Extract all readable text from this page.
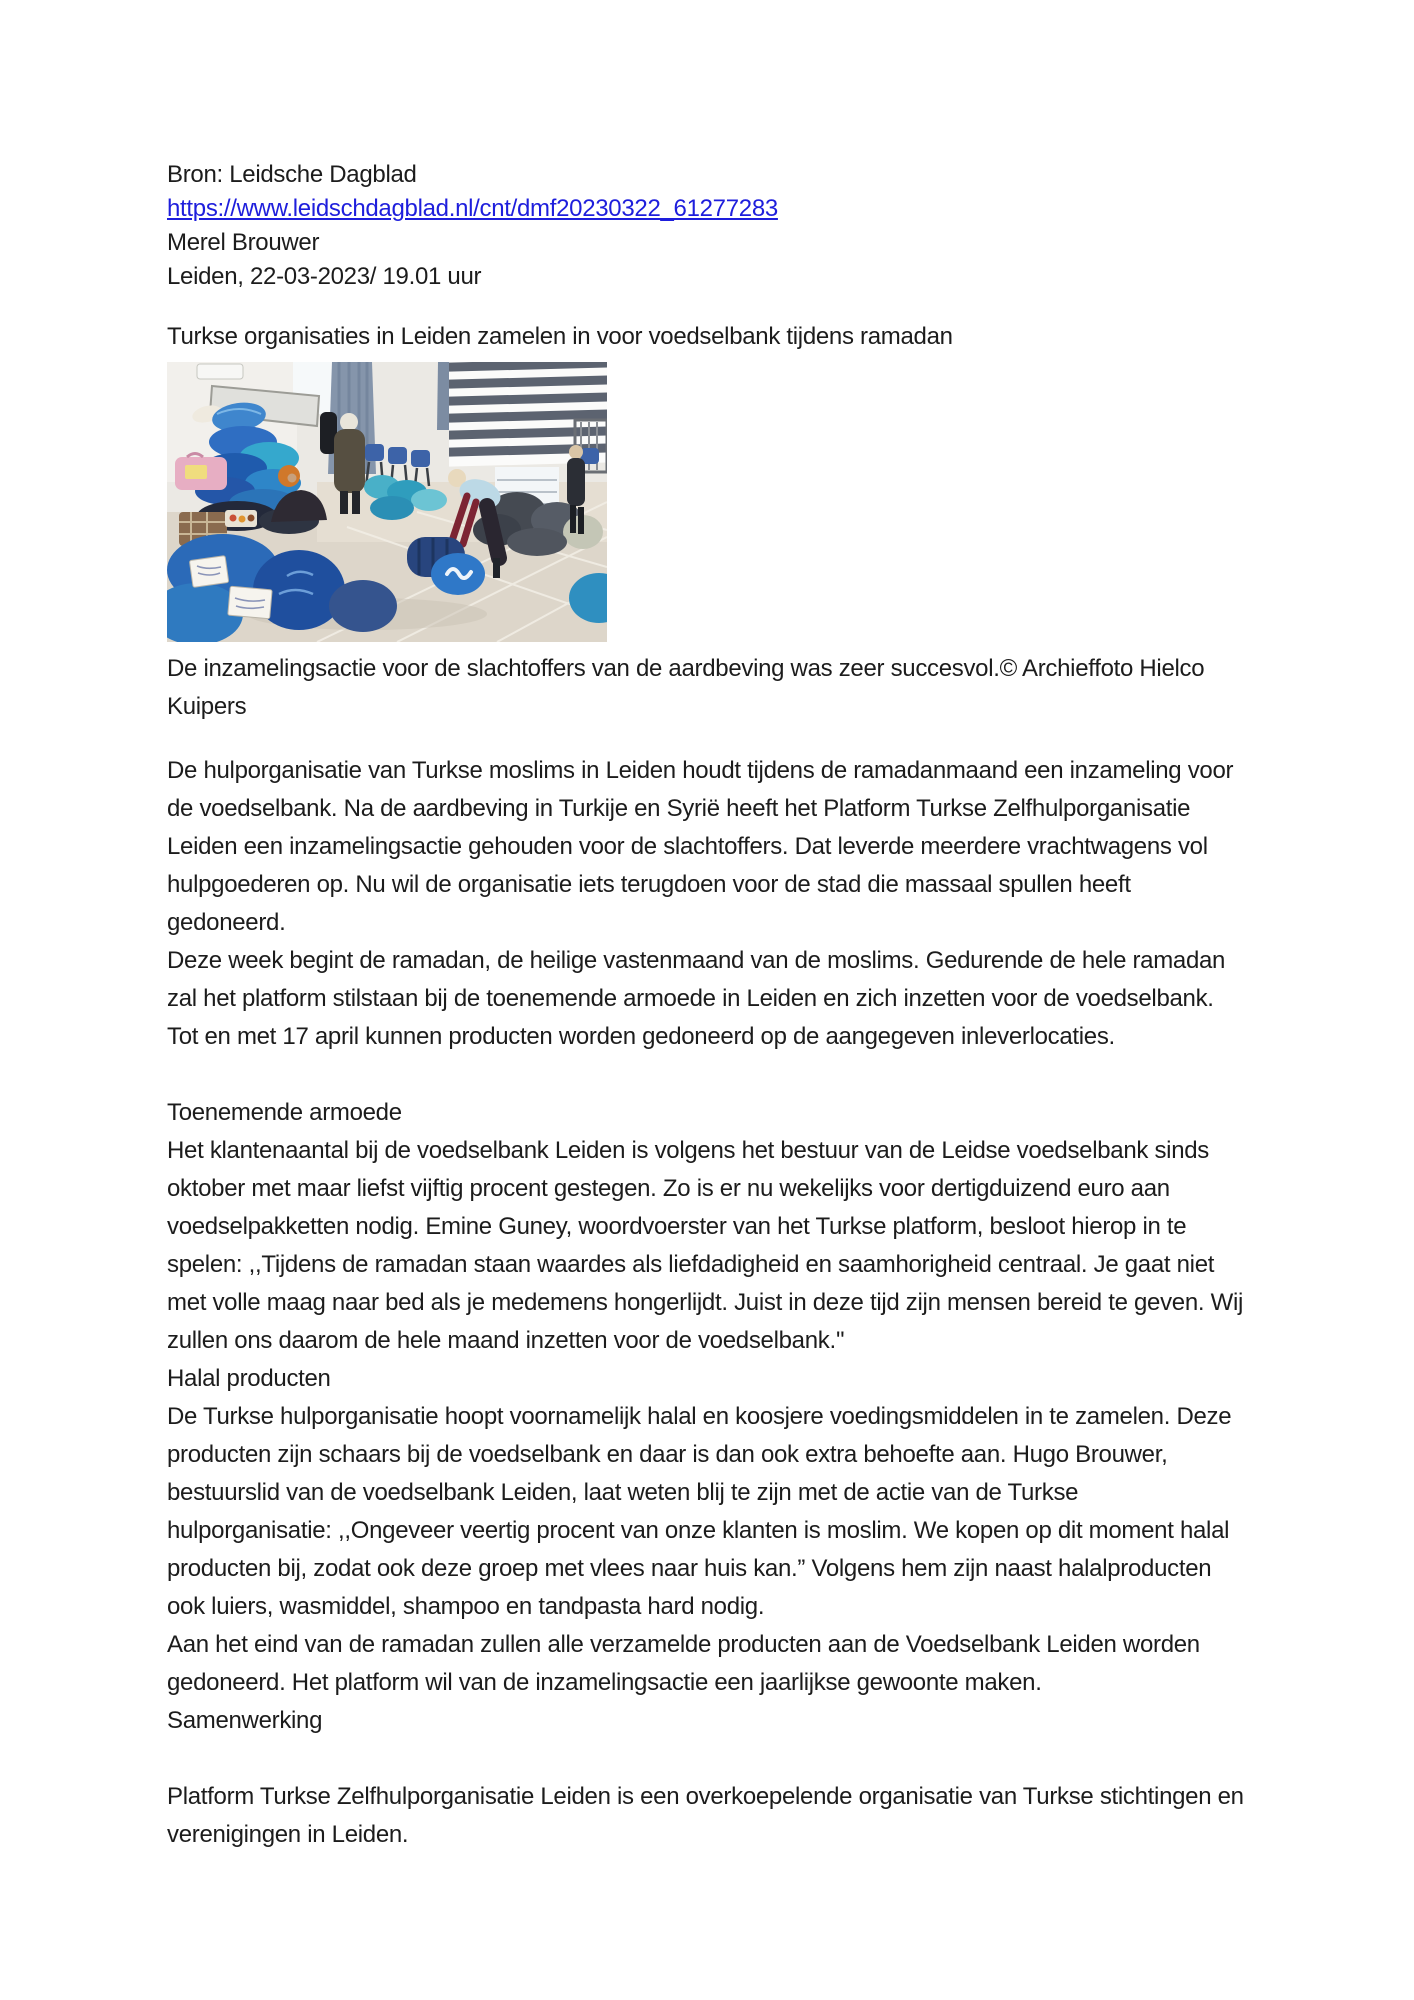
Bron: Leidsche Dagblad

https://www.leidschdagblad.nl/cnt/dmf20230322_61277283

Merel Brouwer

Leiden, 22-03-2023/ 19.01 uur

Turkse organisaties in Leiden zamelen in voor voedselbank tijdens ramadan

De inzamelingsactie voor de slachtoffers van de aardbeving was zeer succesvol.© Archieffoto Hielco Kuipers

De hulporganisatie van Turkse moslims in Leiden houdt tijdens de ramadanmaand een inzameling voor de voedselbank. Na de aardbeving in Turkije en Syrië heeft het Platform Turkse Zelfhulporganisatie Leiden een inzamelingsactie gehouden voor de slachtoffers. Dat leverde meerdere vrachtwagens vol hulpgoederen op. Nu wil de organisatie iets terugdoen voor de stad die massaal spullen heeft gedoneerd.

Deze week begint de ramadan, de heilige vastenmaand van de moslims. Gedurende de hele ramadan zal het platform stilstaan bij de toenemende armoede in Leiden en zich inzetten voor de voedselbank. Tot en met 17 april kunnen producten worden gedoneerd op de aangegeven inleverlocaties.

Toenemende armoede

Het klantenaantal bij de voedselbank Leiden is volgens het bestuur van de Leidse voedselbank sinds oktober met maar liefst vijftig procent gestegen. Zo is er nu wekelijks voor dertigduizend euro aan voedselpakketten nodig. Emine Guney, woordvoerster van het Turkse platform, besloot hierop in te spelen: ,,Tijdens de ramadan staan waardes als liefdadigheid en saamhorigheid centraal. Je gaat niet met volle maag naar bed als je medemens hongerlijdt. Juist in deze tijd zijn mensen bereid te geven. Wij zullen ons daarom de hele maand inzetten voor de voedselbank.''

Halal producten

De Turkse hulporganisatie hoopt voornamelijk halal en koosjere voedingsmiddelen in te zamelen. Deze producten zijn schaars bij de voedselbank en daar is dan ook extra behoefte aan. Hugo Brouwer, bestuurslid van de voedselbank Leiden, laat weten blij te zijn met de actie van de Turkse hulporganisatie: ,,Ongeveer veertig procent van onze klanten is moslim. We kopen op dit moment halal producten bij, zodat ook deze groep met vlees naar huis kan.” Volgens hem zijn naast halalproducten ook luiers, wasmiddel, shampoo en tandpasta hard nodig.

Aan het eind van de ramadan zullen alle verzamelde producten aan de Voedselbank Leiden worden gedoneerd. Het platform wil van de inzamelingsactie een jaarlijkse gewoonte maken.

Samenwerking

Platform Turkse Zelfhulporganisatie Leiden is een overkoepelende organisatie van Turkse stichtingen en verenigingen in Leiden.
